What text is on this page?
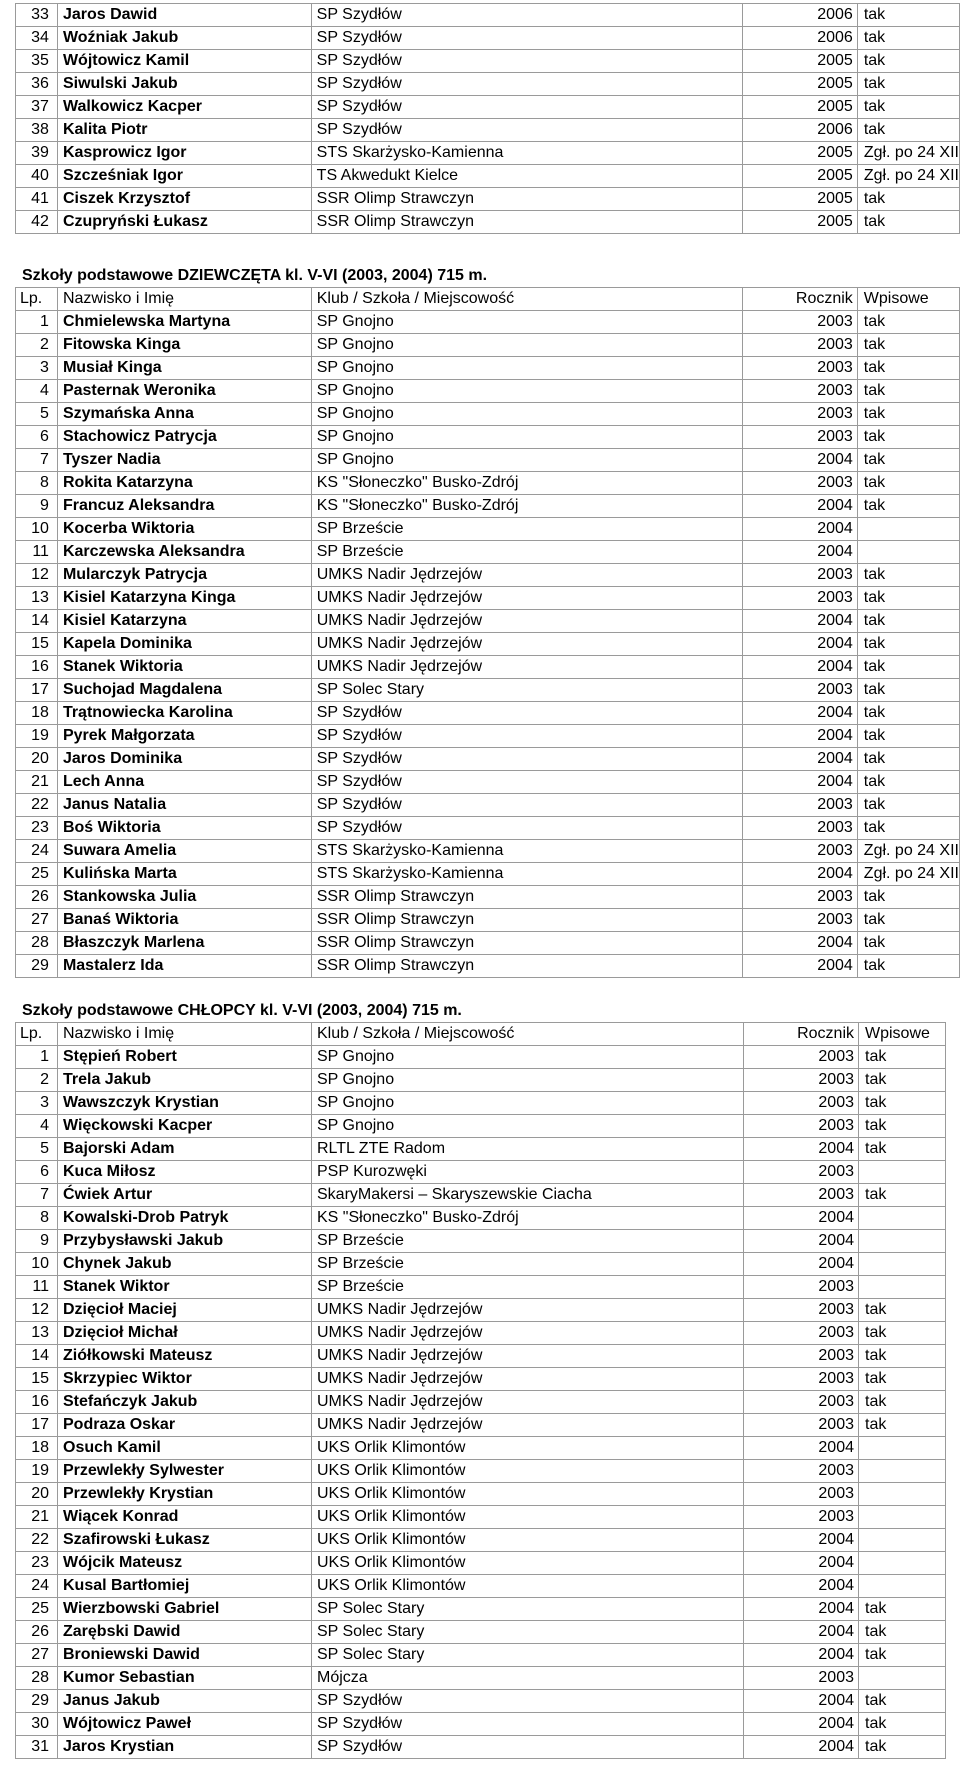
33	Jaros Dawid	SP Szydłów	2006	tak
34	Woźniak Jakub	SP Szydłów	2006	tak
35	Wójtowicz Kamil	SP Szydłów	2005	tak
36	Siwulski Jakub	SP Szydłów	2005	tak
37	Walkowicz Kacper	SP Szydłów	2005	tak
38	Kalita Piotr	SP Szydłów	2006	tak
39	Kasprowicz Igor	STS Skarżysko-Kamienna	2005	Zgł. po 24 XII
40	Szcześniak Igor	TS Akwedukt Kielce	2005	Zgł. po 24 XII
41	Ciszek Krzysztof	SSR Olimp Strawczyn	2005	tak
42	Czupryński Łukasz	SSR Olimp Strawczyn	2005	tak
Szkoły podstawowe DZIEWCZĘTA kl. V-VI (2003, 2004) 715 m.
Lp.	Nazwisko i Imię	Klub / Szkoła / Miejscowość	Rocznik	Wpisowe
1	Chmielewska Martyna	SP Gnojno	2003	tak
2	Fitowska Kinga	SP Gnojno	2003	tak
3	Musiał Kinga	SP Gnojno	2003	tak
4	Pasternak Weronika	SP Gnojno	2003	tak
5	Szymańska Anna	SP Gnojno	2003	tak
6	Stachowicz Patrycja	SP Gnojno	2003	tak
7	Tyszer Nadia	SP Gnojno	2004	tak
8	Rokita Katarzyna	KS "Słoneczko" Busko-Zdrój	2003	tak
9	Francuz Aleksandra	KS "Słoneczko" Busko-Zdrój	2004	tak
10	Kocerba Wiktoria	SP Brzeście	2004	
11	Karczewska Aleksandra	SP Brzeście	2004	
12	Mularczyk Patrycja	UMKS Nadir Jędrzejów	2003	tak
13	Kisiel Katarzyna Kinga	UMKS Nadir Jędrzejów	2003	tak
14	Kisiel Katarzyna	UMKS Nadir Jędrzejów	2004	tak
15	Kapela Dominika	UMKS Nadir Jędrzejów	2004	tak
16	Stanek Wiktoria	UMKS Nadir Jędrzejów	2004	tak
17	Suchojad Magdalena	SP Solec Stary	2003	tak
18	Trątnowiecka Karolina	SP Szydłów	2004	tak
19	Pyrek Małgorzata	SP Szydłów	2004	tak
20	Jaros Dominika	SP Szydłów	2004	tak
21	Lech Anna	SP Szydłów	2004	tak
22	Janus Natalia	SP Szydłów	2003	tak
23	Boś Wiktoria	SP Szydłów	2003	tak
24	Suwara Amelia	STS Skarżysko-Kamienna	2003	Zgł. po 24 XII
25	Kulińska Marta	STS Skarżysko-Kamienna	2004	Zgł. po 24 XII
26	Stankowska Julia	SSR Olimp Strawczyn	2003	tak
27	Banaś Wiktoria	SSR Olimp Strawczyn	2003	tak
28	Błaszczyk Marlena	SSR Olimp Strawczyn	2004	tak
29	Mastalerz Ida	SSR Olimp Strawczyn	2004	tak
Szkoły podstawowe CHŁOPCY kl. V-VI (2003, 2004) 715 m.
Lp.	Nazwisko i Imię	Klub / Szkoła / Miejscowość	Rocznik	Wpisowe
1	Stępień Robert	SP Gnojno	2003	tak
2	Trela Jakub	SP Gnojno	2003	tak
3	Wawszczyk Krystian	SP Gnojno	2003	tak
4	Więckowski Kacper	SP Gnojno	2003	tak
5	Bajorski Adam	RLTL ZTE Radom	2004	tak
6	Kuca Miłosz	PSP Kurozwęki	2003	
7	Ćwiek Artur	SkaryMakersi – Skaryszewskie Ciacha	2003	tak
8	Kowalski-Drob Patryk	KS "Słoneczko" Busko-Zdrój	2004	
9	Przybysławski Jakub	SP Brzeście	2004	
10	Chynek Jakub	SP Brzeście	2004	
11	Stanek Wiktor	SP Brzeście	2003	
12	Dzięcioł Maciej	UMKS Nadir Jędrzejów	2003	tak
13	Dzięcioł Michał	UMKS Nadir Jędrzejów	2003	tak
14	Ziółkowski Mateusz	UMKS Nadir Jędrzejów	2003	tak
15	Skrzypiec Wiktor	UMKS Nadir Jędrzejów	2003	tak
16	Stefańczyk Jakub	UMKS Nadir Jędrzejów	2003	tak
17	Podraza Oskar	UMKS Nadir Jędrzejów	2003	tak
18	Osuch Kamil	UKS Orlik Klimontów	2004	
19	Przewlekły Sylwester	UKS Orlik Klimontów	2003	
20	Przewlekły Krystian	UKS Orlik Klimontów	2003	
21	Wiącek Konrad	UKS Orlik Klimontów	2003	
22	Szafirowski Łukasz	UKS Orlik Klimontów	2004	
23	Wójcik Mateusz	UKS Orlik Klimontów	2004	
24	Kusal Bartłomiej	UKS Orlik Klimontów	2004	
25	Wierzbowski Gabriel	SP Solec Stary	2004	tak
26	Zarębski Dawid	SP Solec Stary	2004	tak
27	Broniewski Dawid	SP Solec Stary	2004	tak
28	Kumor Sebastian	Mójcza	2003	
29	Janus Jakub	SP Szydłów	2004	tak
30	Wójtowicz Paweł	SP Szydłów	2004	tak
31	Jaros Krystian	SP Szydłów	2004	tak
